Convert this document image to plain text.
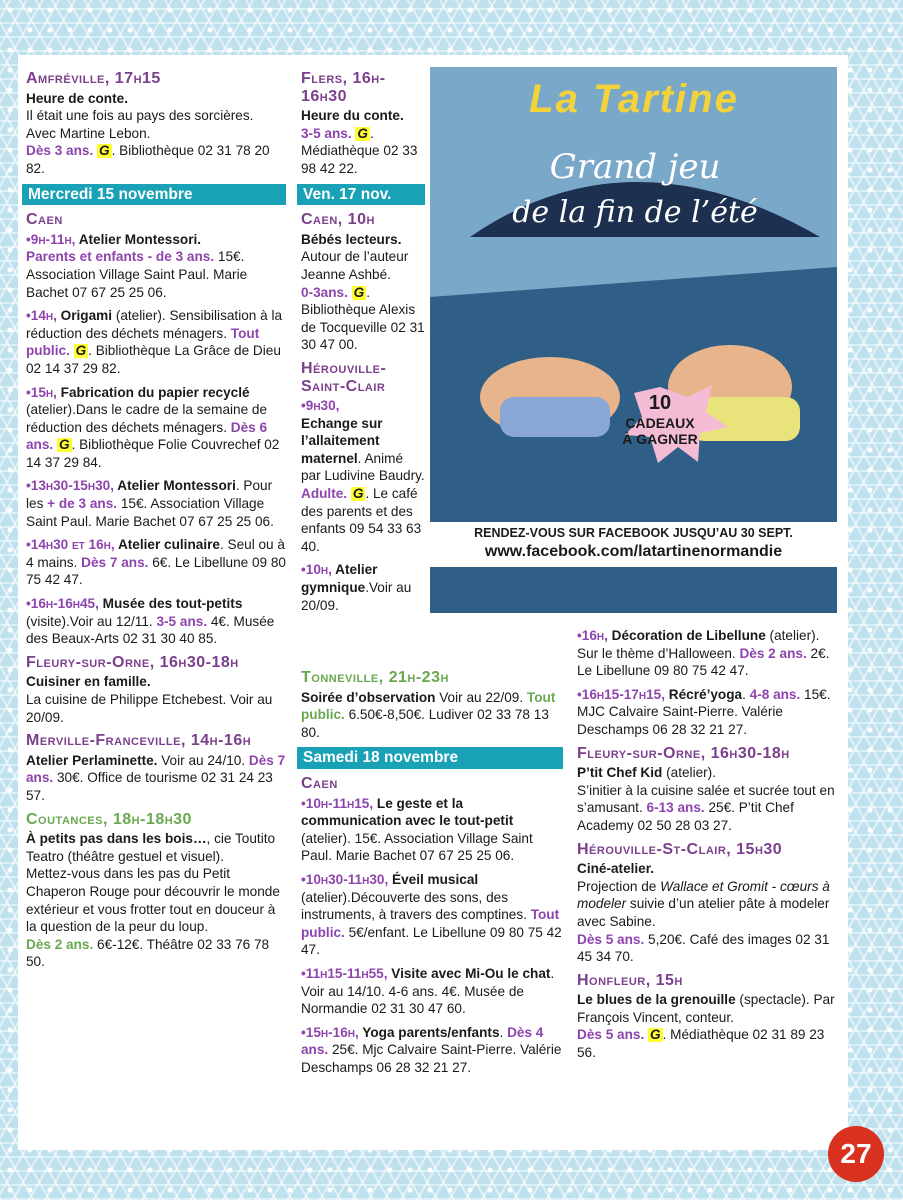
Amfréville, 17h15

Heure de conte.
Il était une fois au pays des sorcières. Avec Martine Lebon.
Dès 3 ans. G . Bibliothèque 02 31 78 20 82.

Mercredi 15 novembre
Caen

•9h-11h, Atelier Montessori.
Parents et enfants - de 3 ans. 15€. Association Village Saint Paul. Marie Bachet 07 67 25 25 06.

•14h, Origami (atelier). Sensibilisation à la réduction des déchets ménagers. Tout public. G . Bibliothèque La Grâce de Dieu 02 14 37 29 82.

•15h, Fabrication du papier recyclé (atelier).Dans le cadre de la semaine de réduction des déchets ménagers. Dès 6 ans. G . Bibliothèque Folie Couvrechef 02 14 37 29 84.

•13h30-15h30, Atelier Montessori. Pour les + de 3 ans. 15€. Association Village Saint Paul. Marie Bachet 07 67 25 25 06.

•14h30 et 16h, Atelier culinaire. Seul ou à 4 mains. Dès 7 ans. 6€. Le Libellune 09 80 75 42 47.

•16h-16h45, Musée des tout-petits (visite).Voir au 12/11. 3-5 ans. 4€. Musée des Beaux-Arts 02 31 30 40 85.

Fleury-sur-Orne, 16h30-18h

Cuisiner en famille.
La cuisine de Philippe Etchebest. Voir au 20/09.

Merville-Franceville, 14h-16h

Atelier Perlaminette. Voir au 24/10. Dès 7 ans. 30€. Office de tourisme 02 31 24 23 57.

Coutances, 18h-18h30

À petits pas dans les bois…, cie Toutito Teatro (théâtre gestuel et visuel).
Mettez-vous dans les pas du Petit Chaperon Rouge pour découvrir le monde extérieur et vous frotter tout en douceur à la question de la peur du loup.
Dès 2 ans. 6€-12€. Théâtre 02 33 76 78 50.

Flers, 16h-16h30

Heure du conte.
3-5 ans. G . Médiathèque 02 33 98 42 22.

Ven. 17 nov.
Caen, 10h

Bébés lecteurs.
Autour de l’auteur Jeanne Ashbé.
0-3ans. G . Bibliothèque Alexis de Tocqueville 02 31 30 47 00.

Hérouville-Saint-Clair

•9h30,
Echange sur l’allaitement maternel. Animé par Ludivine Baudry. Adulte. G . Le café des parents et des enfants 09 54 33 63 40.

•10h, Atelier gymnique.Voir au 20/09.

Tonneville, 21h-23h

Soirée d’observation Voir au 22/09. Tout public. 6.50€-8,50€. Ludiver 02 33 78 13 80.

Samedi 18 novembre
Caen

•10h-11h15, Le geste et la communication avec le tout-petit (atelier). 15€. Association Village Saint Paul. Marie Bachet 07 67 25 25 06.

•10h30-11h30, Éveil musical (atelier).Découverte des sons, des instruments, à travers des comptines. Tout public. 5€/enfant. Le Libellune 09 80 75 42 47.

•11h15-11h55, Visite avec Mi-Ou le chat. Voir au 14/10. 4-6 ans. 4€. Musée de Normandie 02 31 30 47 60.

•15h-16h, Yoga parents/enfants. Dès 4 ans. 25€. Mjc Calvaire Saint-Pierre. Valérie Deschamps 06 28 32 21 27.

•16h, Décoration de Libellune (atelier). Sur le thème d’Halloween. Dès 2 ans. 2€. Le Libellune 09 80 75 42 47.

•16h15-17h15, Récré’yoga. 4-8 ans. 15€. MJC Calvaire Saint-Pierre. Valérie Deschamps 06 28 32 21 27.

Fleury-sur-Orne, 16h30-18h

P’tit Chef Kid (atelier).
S’initier à la cuisine salée et sucrée tout en s’amusant. 6-13 ans. 25€. P’tit Chef Academy 02 50 28 03 27.

Hérouville-St-Clair, 15h30

Ciné-atelier.
Projection de Wallace et Gromit - cœurs à modeler suivie d’un atelier pâte à modeler avec Sabine.
Dès 5 ans. 5,20€. Café des images 02 31 45 34 70.

Honfleur, 15h

Le blues de la grenouille (spectacle). Par François Vincent, conteur.
Dès 5 ans. G . Médiathèque 02 31 89 23 56.

La Tartine
Grand jeu
de la fin de l’été
10
CADEAUX
À GAGNER
RENDEZ-VOUS SUR FACEBOOK JUSQU’AU 30 SEPT.
www.facebook.com/latartinenormandie
27
